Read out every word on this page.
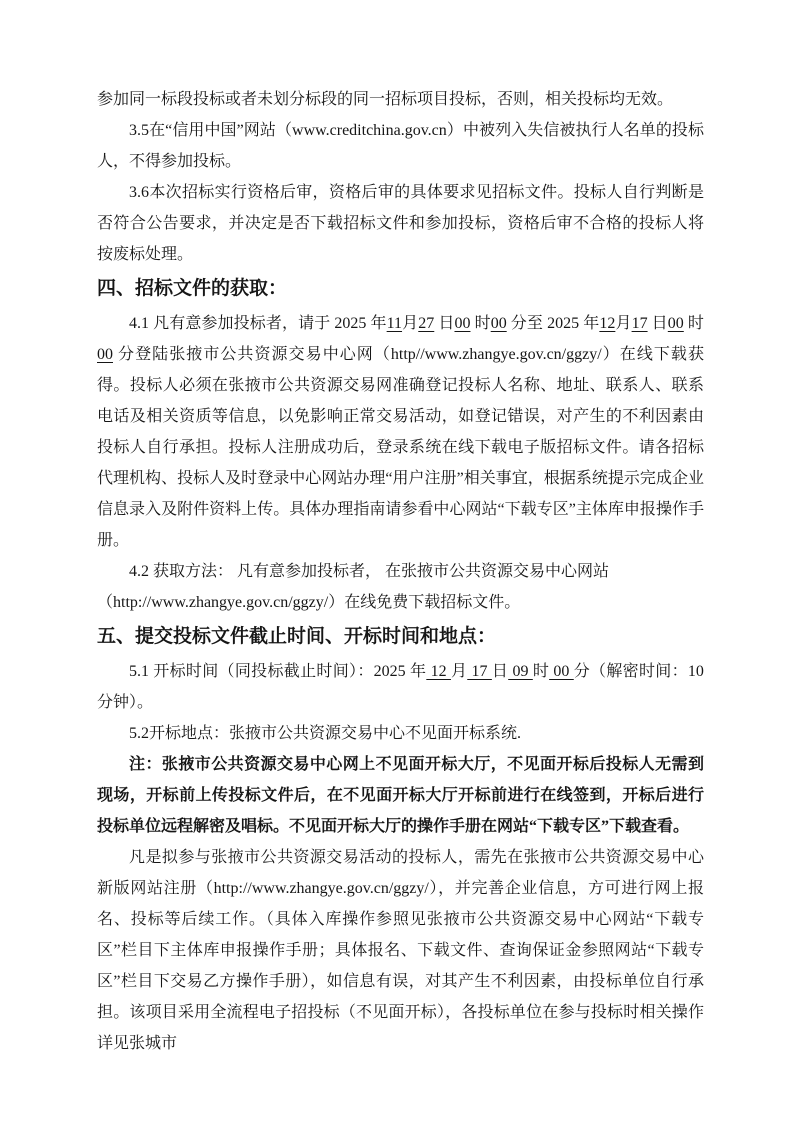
参加同一标段投标或者未划分标段的同一招标项目投标，否则，相关投标均无效。

3.5在“信用中国”网站（www.creditchina.gov.cn）中被列入失信被执行人名单的投标人，不得参加投标。

3.6本次招标实行资格后审，资格后审的具体要求见招标文件。投标人自行判断是否符合公告要求，并决定是否下载招标文件和参加投标，资格后审不合格的投标人将按废标处理。

四、招标文件的获取：

4.1 凡有意参加投标者，请于 2025 年11月27 日00 时00 分至 2025 年12月17 日00 时00 分登陆张掖市公共资源交易中心网（http//www.zhangye.gov.cn/ggzy/）在线下载获得。投标人必须在张掖市公共资源交易网准确登记投标人名称、地址、联系人、联系电话及相关资质等信息，以免影响正常交易活动，如登记错误，对产生的不利因素由投标人自行承担。投标人注册成功后，登录系统在线下载电子版招标文件。请各招标代理机构、投标人及时登录中心网站办理“用户注册”相关事宜，根据系统提示完成企业信息录入及附件资料上传。具体办理指南请参看中心网站“下载专区”主体库申报操作手册。

4.2 获取方法： 凡有意参加投标者， 在张掖市公共资源交易中心网站
（http://www.zhangye.gov.cn/ggzy/）在线免费下载招标文件。

五、提交投标文件截止时间、开标时间和地点：

5.1 开标时间（同投标截止时间）：2025 年 12 月 17 日 09 时 00 分（解密时间：10分钟）。

5.2开标地点：张掖市公共资源交易中心不见面开标系统.

注：张掖市公共资源交易中心网上不见面开标大厅，不见面开标后投标人无需到现场，开标前上传投标文件后，在不见面开标大厅开标前进行在线签到，开标后进行投标单位远程解密及唱标。不见面开标大厅的操作手册在网站“下载专区”下载查看。

凡是拟参与张掖市公共资源交易活动的投标人，需先在张掖市公共资源交易中心新版网站注册（http://www.zhangye.gov.cn/ggzy/），并完善企业信息，方可进行网上报名、投标等后续工作。（具体入库操作参照见张掖市公共资源交易中心网站“下载专区”栏目下主体库申报操作手册；具体报名、下载文件、查询保证金参照网站“下载专区”栏目下交易乙方操作手册），如信息有误，对其产生不利因素，由投标单位自行承担。该项目采用全流程电子招投标（不见面开标），各投标单位在参与投标时相关操作详见张城市
